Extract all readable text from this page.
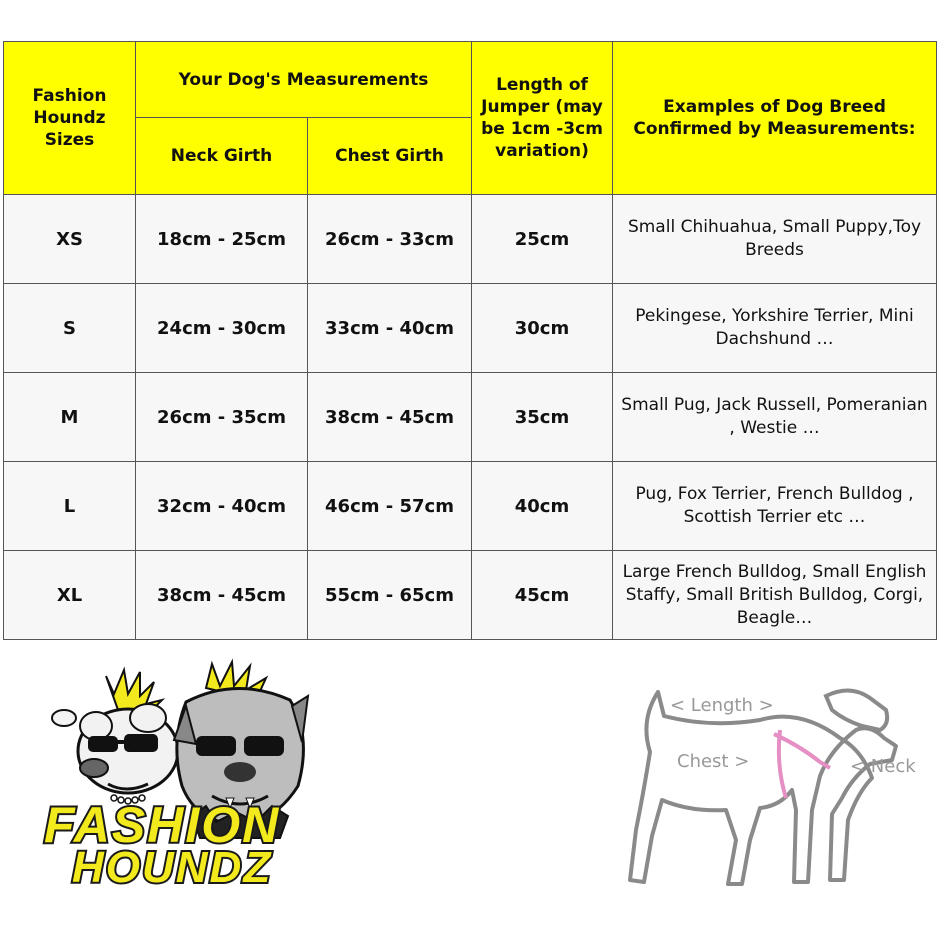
Fashion Houndz Sizes	Your Dog's Measurements		Length of Jumper (may be 1cm -3cm variation)	Examples of Dog Breed Confirmed by Measurements:
	Neck Girth	Chest Girth		
XS	18cm - 25cm	26cm - 33cm	25cm	Small Chihuahua, Small Puppy,Toy Breeds
S	24cm - 30cm	33cm - 40cm	30cm	Pekingese, Yorkshire Terrier, Mini Dachshund …
M	26cm - 35cm	38cm - 45cm	35cm	Small Pug, Jack Russell, Pomeranian , Westie …
L	32cm - 40cm	46cm - 57cm	40cm	Pug, Fox Terrier, French Bulldog , Scottish Terrier etc …
XL	38cm - 45cm	55cm - 65cm	45cm	Large French Bulldog, Small English Staffy, Small British Bulldog, Corgi, Beagle…
FASHION
HOUNDZ
< Length >
Chest >	< Neck
